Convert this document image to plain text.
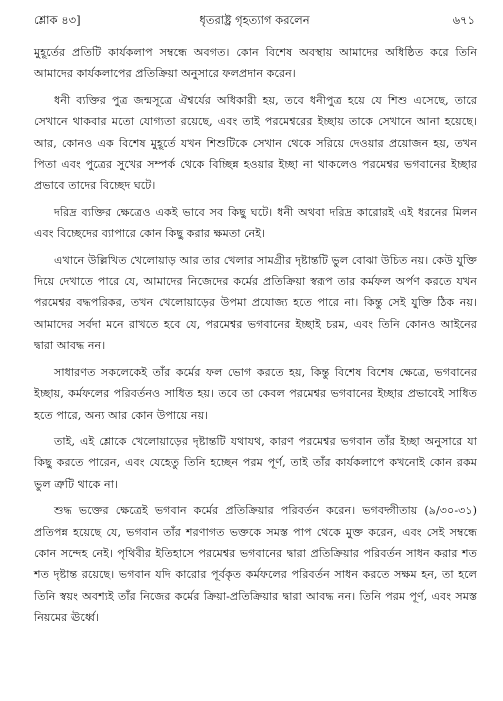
শ্লোক ৪৩]	ধৃতরাষ্ট্র গৃহত্যাগ করলেন	৬৭১

মুহূর্তের প্রতিটি কার্যকলাপ সম্বন্ধে অবগত। কোন বিশেষ অবস্থায় আমাদের অধিষ্ঠিত করে তিনি আমাদের কার্যকলাপের প্রতিক্রিয়া অনুসারে ফলপ্রদান করেন।

ধনী ব্যক্তির পুত্র জন্মসূত্রে ঐশ্বর্যের অধিকারী হয়, তবে ধনীপুত্র হয়ে যে শিশু এসেছে, তারে সেখানে থাকবার মতো যোগ্যতা রয়েছে, এবং তাই পরমেশ্বরের ইচ্ছায় তাকে সেখানে আনা হয়েছে। আর, কোনও এক বিশেষ মুহূর্তে যখন শিশুটিকে সেখান থেকে সরিয়ে দেওয়ার প্রয়োজন হয়, তখন পিতা এবং পুত্রের সুখের সম্পর্ক থেকে বিচ্ছিন্ন হওয়ার ইচ্ছা না থাকলেও পরমেশ্বর ভগবানের ইচ্ছার প্রভাবে তাদের বিচ্ছেদ ঘটে।

দরিদ্র ব্যক্তির ক্ষেত্রেও একই ভাবে সব কিছু ঘটে। ধনী অথবা দরিদ্র কারোরই এই ধরনের মিলন এবং বিচ্ছেদের ব্যাপারে কোন কিছু করার ক্ষমতা নেই।

এখানে উল্লিখিত খেলোয়াড় আর তার খেলার সামগ্রীর দৃষ্টান্তটি ভুল বোঝা উচিত নয়। কেউ যুক্তি দিয়ে দেখাতে পারে যে, আমাদের নিজেদের কর্মের প্রতিক্রিয়া স্বরূপ তার কর্মফল অর্পণ করতে যখন পরমেশ্বর বদ্ধপরিকর, তখন খেলোয়াড়ের উপমা প্রযোজ্য হতে পারে না। কিন্তু সেই যুক্তি ঠিক নয়। আমাদের সর্বদা মনে রাখতে হবে যে, পরমেশ্বর ভগবানের ইচ্ছাই চরম, এবং তিনি কোনও আইনের দ্বারা আবদ্ধ নন।

সাধারণত সকলেকেই তাঁর কর্মের ফল ভোগ করতে হয়, কিন্তু বিশেষ বিশেষ ক্ষেত্রে, ভগবানের ইচ্ছায়, কর্মফলের পরিবর্তনও সাধিত হয়। তবে তা কেবল পরমেশ্বর ভগবানের ইচ্ছার প্রভাবেই সাধিত হতে পারে, অন্য আর কোন উপায়ে নয়।

তাই, এই শ্লোকে খেলোয়াড়ের দৃষ্টান্তটি যথাযথ, কারণ পরমেশ্বর ভগবান তাঁর ইচ্ছা অনুসারে যা কিছু করতে পারেন, এবং যেহেতু তিনি হচ্ছেন পরম পূর্ণ, তাই তাঁর কার্যকলাপে কখনোই কোন রকম ভুল ত্রুটি থাকে না।

শুদ্ধ ভক্তের ক্ষেত্রেই ভগবান কর্মের প্রতিক্রিয়ার পরিবর্তন করেন। ভগবদ্গীতায় (৯/৩০-৩১) প্রতিপন্ন হয়েছে যে, ভগবান তাঁর শরণাগত ভক্তকে সমস্ত পাপ থেকে মুক্ত করেন, এবং সেই সম্বন্ধে কোন সন্দেহ নেই। পৃথিবীর ইতিহাসে পরমেশ্বর ভগবানের দ্বারা প্রতিক্রিয়ার পরিবর্তন সাধন করার শত শত দৃষ্টান্ত রয়েছে। ভগবান যদি কারোর পূর্বকৃত কর্মফলের পরিবর্তন সাধন করতে সক্ষম হন, তা হলে তিনি স্বয়ং অবশ্যই তাঁর নিজের কর্মের ক্রিয়া-প্রতিক্রিয়ার দ্বারা আবদ্ধ নন। তিনি পরম পূর্ণ, এবং সমস্ত নিয়মের ঊর্ধ্বে।
